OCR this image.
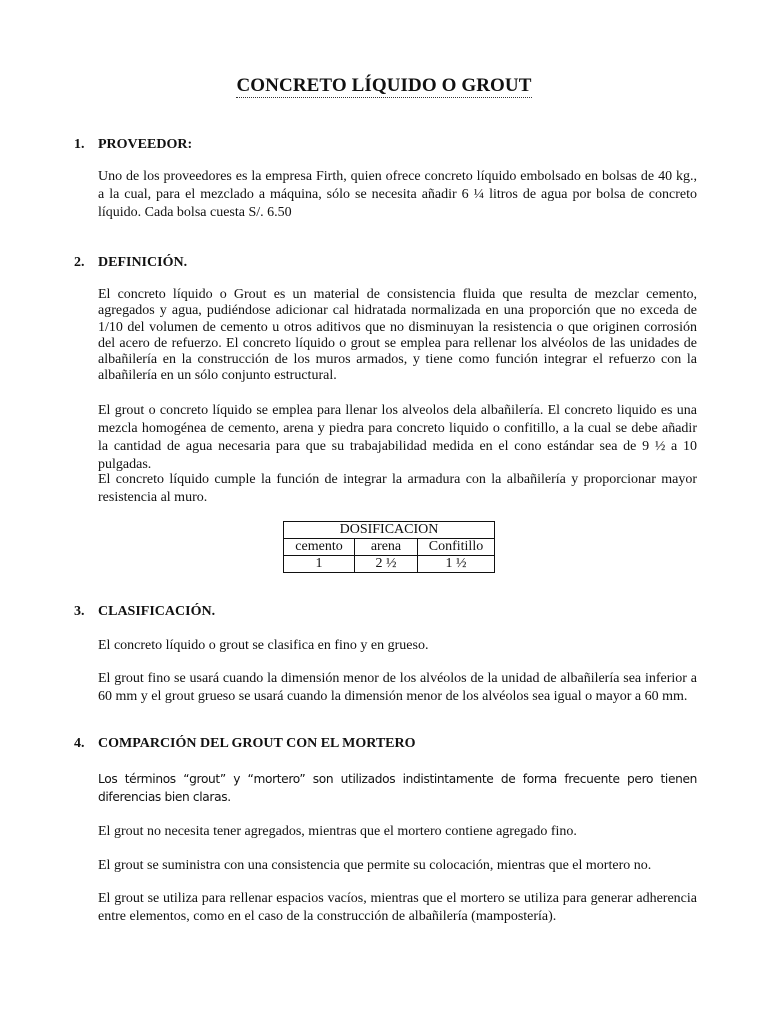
CONCRETO LÍQUIDO O GROUT
1. PROVEEDOR:
Uno de los proveedores es la empresa Firth, quien ofrece concreto líquido embolsado en bolsas de 40 kg., a la cual, para el mezclado a máquina, sólo se necesita añadir 6 ¼ litros de agua por bolsa de concreto líquido. Cada bolsa cuesta S/. 6.50
2. DEFINICIÓN.
El concreto líquido o Grout es un material de consistencia fluida que resulta de mezclar cemento, agregados y agua, pudiéndose adicionar cal hidratada normalizada en una proporción que no exceda de 1/10 del volumen de cemento u otros aditivos que no disminuyan la resistencia o que originen corrosión del acero de refuerzo. El concreto líquido o grout se emplea para rellenar los alvéolos de las unidades de albañilería en la construcción de los muros armados, y tiene como función integrar el refuerzo con la albañilería en un sólo conjunto estructural.
El grout o concreto líquido se emplea para llenar los alveolos dela albañilería. El concreto liquido es una mezcla homogénea de cemento, arena y piedra para concreto liquido o confitillo, a la cual se debe añadir la cantidad de agua necesaria para que su trabajabilidad medida en el cono estándar sea de 9 ½ a 10 pulgadas.
El concreto líquido cumple la función de integrar la armadura con la albañilería y proporcionar mayor resistencia al muro.
DOSIFICACION		
cemento	arena	Confitillo
1	2 ½	1 ½
3. CLASIFICACIÓN.
El concreto líquido o grout se clasifica en fino y en grueso.
El grout fino se usará cuando la dimensión menor de los alvéolos de la unidad de albañilería sea inferior a 60 mm y el grout grueso se usará cuando la dimensión menor de los alvéolos sea igual o mayor a 60 mm.
4. COMPARCIÓN DEL GROUT CON EL MORTERO
Los términos “grout” y “mortero” son utilizados indistintamente de forma frecuente pero tienen diferencias bien claras.
El grout no necesita tener agregados, mientras que el mortero contiene agregado fino.
El grout se suministra con una consistencia que permite su colocación, mientras que el mortero no.
El grout se utiliza para rellenar espacios vacíos, mientras que el mortero se utiliza para generar adherencia entre elementos, como en el caso de la construcción de albañilería (mampostería).
